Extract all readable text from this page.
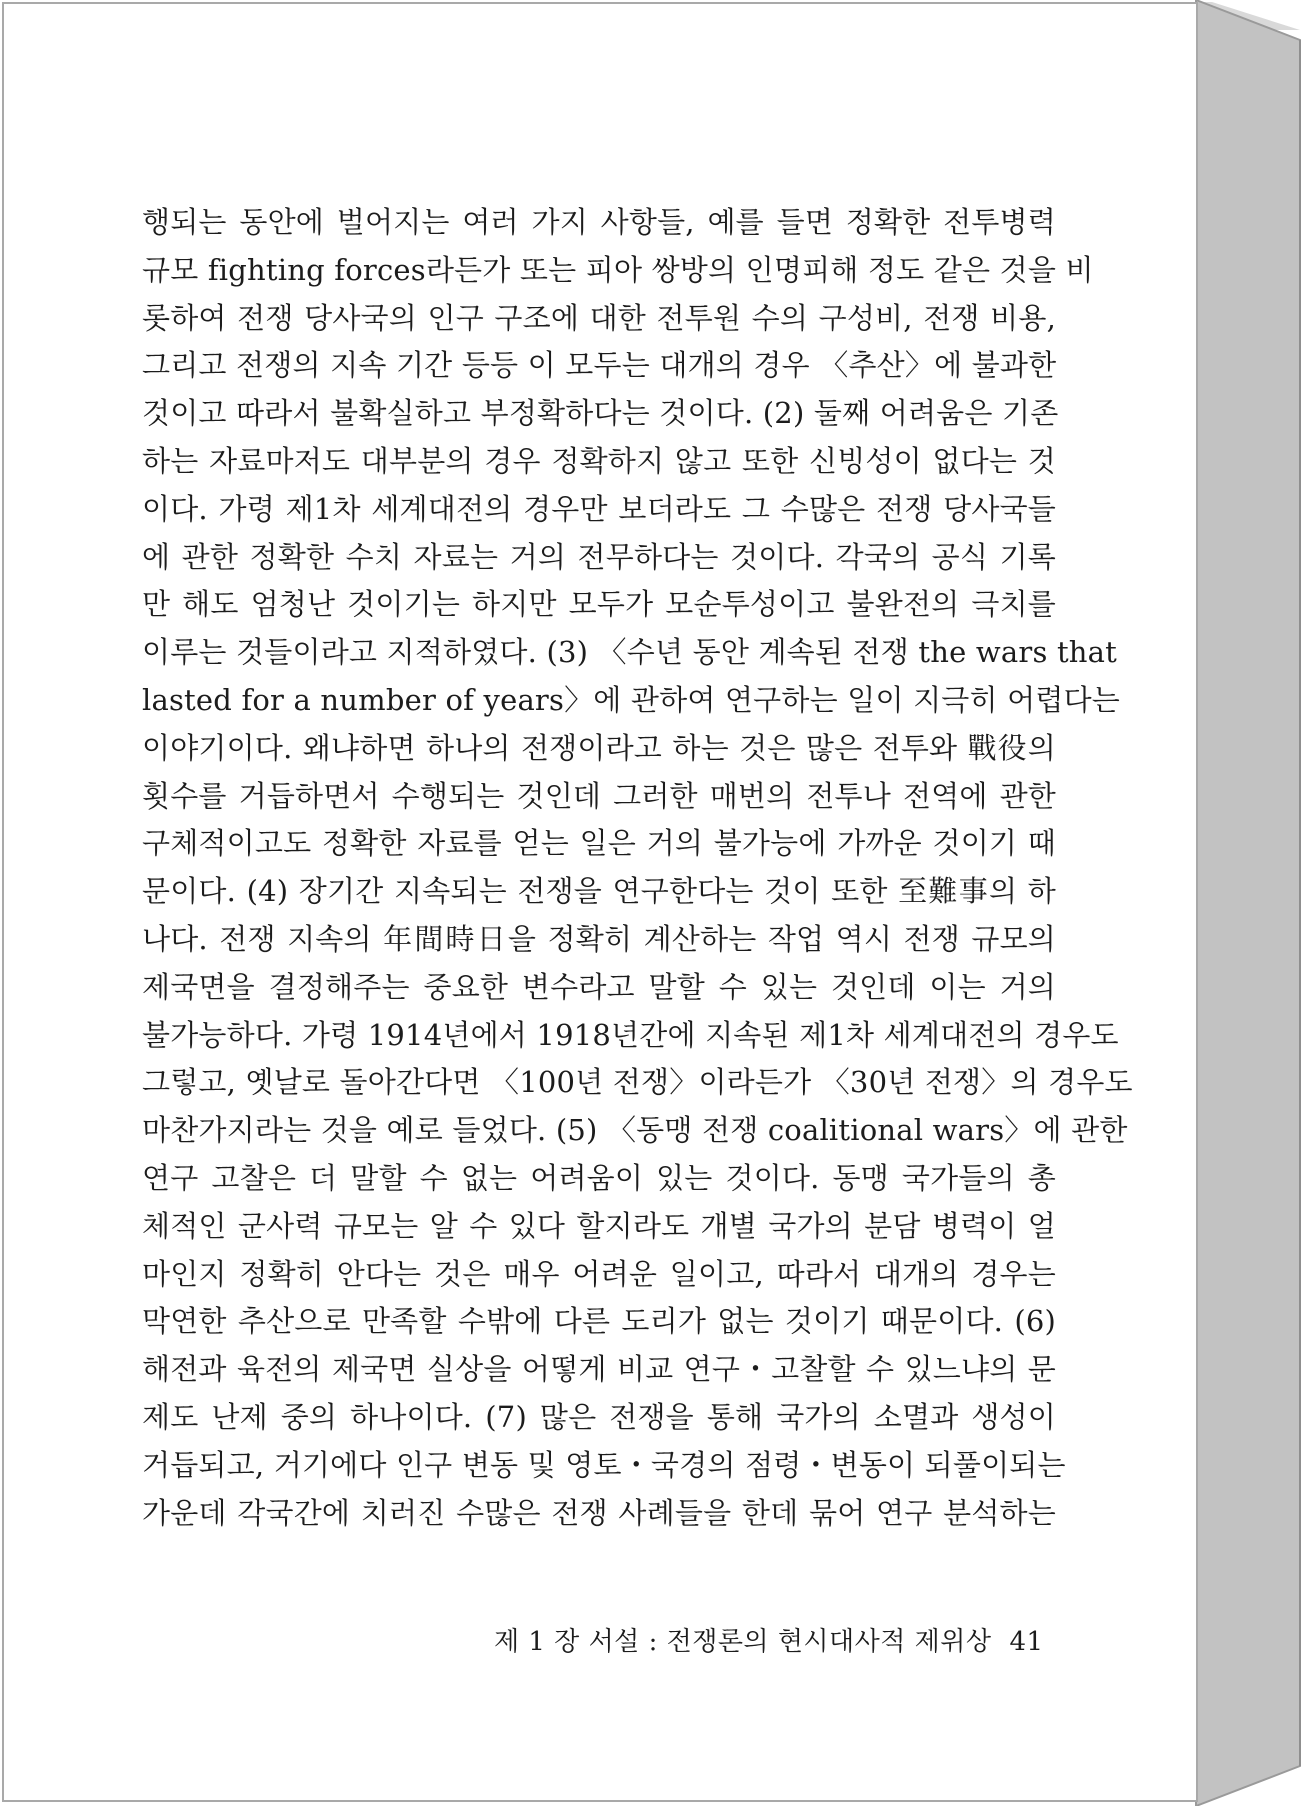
행되는 동안에 벌어지는 여러 가지 사항들, 예를 들면 정확한 전투병력
규모 fighting forces라든가 또는 피아 쌍방의 인명피해 정도 같은 것을 비
롯하여 전쟁 당사국의 인구 구조에 대한 전투원 수의 구성비, 전쟁 비용,
그리고 전쟁의 지속 기간 등등 이 모두는 대개의 경우 〈추산〉에 불과한
것이고 따라서 불확실하고 부정확하다는 것이다. (2) 둘째 어려움은 기존
하는 자료마저도 대부분의 경우 정확하지 않고 또한 신빙성이 없다는 것
이다. 가령 제1차 세계대전의 경우만 보더라도 그 수많은 전쟁 당사국들
에 관한 정확한 수치 자료는 거의 전무하다는 것이다. 각국의 공식 기록
만 해도 엄청난 것이기는 하지만 모두가 모순투성이고 불완전의 극치를
이루는 것들이라고 지적하였다. (3) 〈수년 동안 계속된 전쟁 the wars that
lasted for a number of years〉에 관하여 연구하는 일이 지극히 어렵다는
이야기이다. 왜냐하면 하나의 전쟁이라고 하는 것은 많은 전투와 戰役의
횟수를 거듭하면서 수행되는 것인데 그러한 매번의 전투나 전역에 관한
구체적이고도 정확한 자료를 얻는 일은 거의 불가능에 가까운 것이기 때
문이다. (4) 장기간 지속되는 전쟁을 연구한다는 것이 또한 至難事의 하
나다. 전쟁 지속의 年間時日을 정확히 계산하는 작업 역시 전쟁 규모의
제국면을 결정해주는 중요한 변수라고 말할 수 있는 것인데 이는 거의
불가능하다. 가령 1914년에서 1918년간에 지속된 제1차 세계대전의 경우도
그렇고, 옛날로 돌아간다면 〈100년 전쟁〉이라든가 〈30년 전쟁〉의 경우도
마찬가지라는 것을 예로 들었다. (5) 〈동맹 전쟁 coalitional wars〉에 관한
연구 고찰은 더 말할 수 없는 어려움이 있는 것이다. 동맹 국가들의 총
체적인 군사력 규모는 알 수 있다 할지라도 개별 국가의 분담 병력이 얼
마인지 정확히 안다는 것은 매우 어려운 일이고, 따라서 대개의 경우는
막연한 추산으로 만족할 수밖에 다른 도리가 없는 것이기 때문이다. (6)
해전과 육전의 제국면 실상을 어떻게 비교 연구・고찰할 수 있느냐의 문
제도 난제 중의 하나이다. (7) 많은 전쟁을 통해 국가의 소멸과 생성이
거듭되고, 거기에다 인구 변동 및 영토・국경의 점령・변동이 되풀이되는
가운데 각국간에 치러진 수많은 전쟁 사례들을 한데 묶어 연구 분석하는
제 1 장 서설 : 전쟁론의 현시대사적 제위상 41
